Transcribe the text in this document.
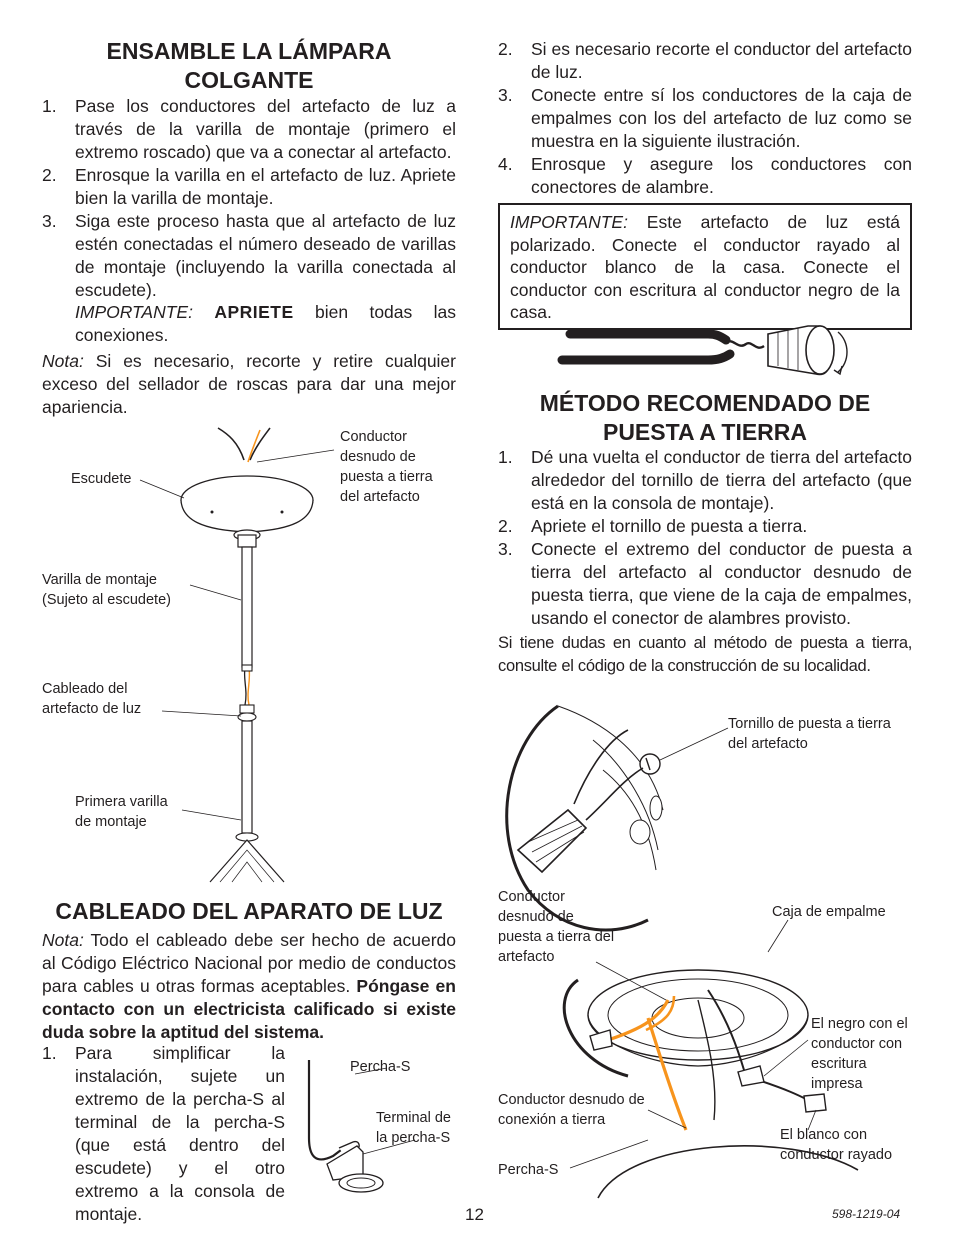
ENSAMBLE LA LÁMPARA COLGANTE
1. Pase los conductores del artefacto de luz a través de la varilla de montaje (primero el extremo roscado) que va a conectar al artefacto.
2. Enrosque la varilla en el artefacto de luz. Apriete bien la varilla de montaje.
3. Siga este proceso hasta que al artefacto de luz estén conectadas el número deseado de varillas de montaje (incluyendo la varilla conectada al escudete).
IMPORTANTE: APRIETE bien todas las conexiones.
Nota: Si es necesario, recorte y retire cualquier exceso del sellador de roscas para dar una mejor apariencia.
Escudete
Conductor desnudo de puesta a tierra del artefacto
Varilla de montaje (Sujeto al escudete)
Cableado del artefacto de luz
Primera varilla de montaje
CABLEADO DEL APARATO DE LUZ
Nota: Todo el cableado debe ser hecho de acuerdo al Código Eléctrico Nacional por medio de conductos para cables u otras formas aceptables. Póngase en contacto con un electricista calificado si existe duda sobre la aptitud del sistema.
1. Para simplificar la instalación, sujete un extremo de la percha-S al terminal de la percha-S (que está dentro del escudete) y el otro extremo a la consola de montaje.
Percha-S
Terminal de la percha-S
2. Si es necesario recorte el conductor del artefacto de luz.
3. Conecte entre sí los conductores de la caja de empalmes con los del artefacto de luz como se muestra en la siguiente ilustración.
4. Enrosque y asegure los conductores con conectores de alambre.
IMPORTANTE: Este artefacto de luz está polarizado. Conecte el conductor rayado al conductor blanco de la casa. Conecte el conductor con escritura al conductor negro de la casa.
MÉTODO RECOMENDADO DE PUESTA A TIERRA
1. Dé una vuelta el conductor de tierra del artefacto alrededor del tornillo de tierra del artefacto (que está en la consola de montaje).
2. Apriete el tornillo de puesta a tierra.
3. Conecte el extremo del conductor de puesta a tierra del artefacto al conductor desnudo de puesta tierra, que viene de la caja de empalmes, usando el conector de alambres provisto.
Si tiene dudas en cuanto al método de puesta a tierra, consulte el código de la construcción de su localidad.
Tornillo de puesta a tierra del artefacto
Conductor desnudo de puesta a tierra del artefacto
Caja de empalme
El negro con el conductor con escritura impresa
Conductor desnudo de conexión a tierra
El blanco con conductor rayado
Percha-S
12	598-1219-04
